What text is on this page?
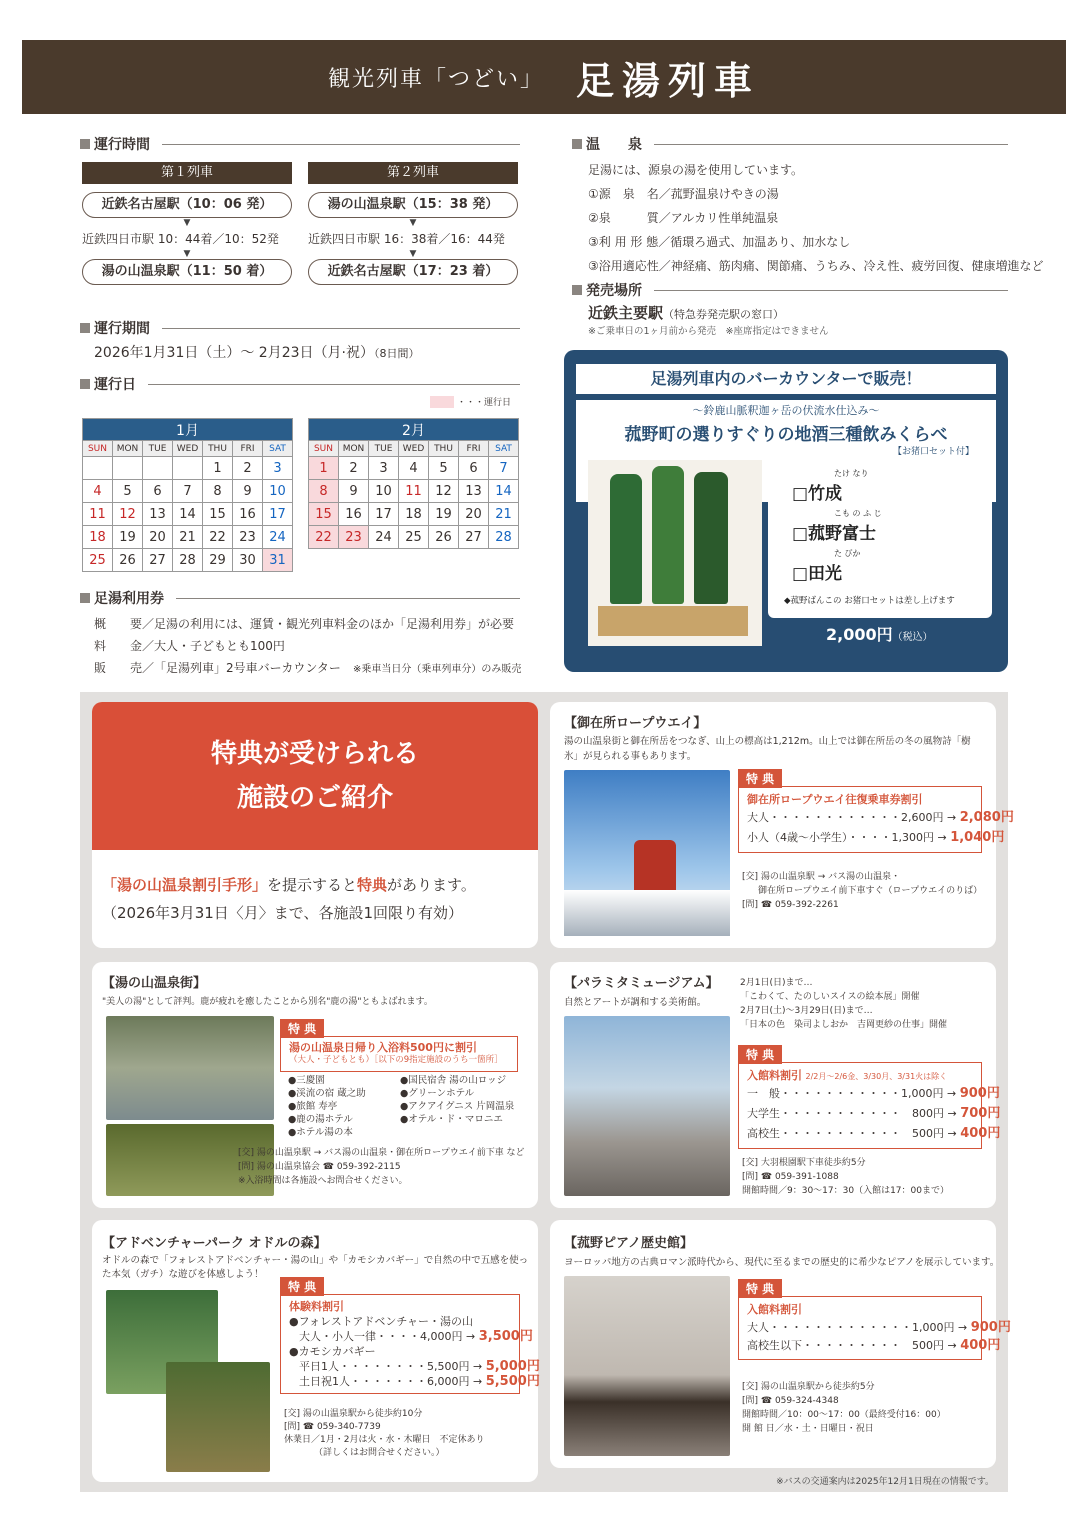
観光列車「つどい」 足湯列車
運行時間
第１列車
近鉄名古屋駅（10：06 発）
▼
近鉄四日市駅 10：44着／10：52発
▼
湯の山温泉駅（11：50 着）
第２列車
湯の山温泉駅（15：38 発）
▼
近鉄四日市駅 16：38着／16：44発
▼
近鉄名古屋駅（17：23 着）
運行期間
2026年1月31日（土）～ 2月23日（月·祝）（8日間）
運行日
・・・運行日
1月						
SUN	MON	TUE	WED	THU	FRI	SAT
				1	2	3
4	5	6	7	8	9	10
11	12	13	14	15	16	17
18	19	20	21	22	23	24
25	26	27	28	29	30	31
2月						
SUN	MON	TUE	WED	THU	FRI	SAT
1	2	3	4	5	6	7
8	9	10	11	12	13	14
15	16	17	18	19	20	21
22	23	24	25	26	27	28
足湯利用券
概　　要／足湯の利用には、運賃・観光列車料金のほか「足湯利用券」が必要
料　　金／大人・子どもとも100円
販　　売／「足湯列車」2号車バーカウンター　 ※乗車当日分（乗車列車分）のみ販売
温　　泉
足湯には、源泉の湯を使用しています。
①源　泉　名／菰野温泉けやきの湯
②泉　　　質／アルカリ性単純温泉
③利 用 形 態／循環ろ過式、加温あり、加水なし
③浴用適応性／神経痛、筋肉痛、関節痛、うちみ、冷え性、疲労回復、健康増進など
発売場所
近鉄主要駅（特急券発売駅の窓口）
※ご乗車日の1ヶ月前から発売　※座席指定はできません
足湯列車内のバーカウンターで販売！
～鈴鹿山脈釈迦ヶ岳の伏流水仕込み～
菰野町の選りすぐりの地酒三種飲みくらべ
【お猪口セット付】
たけ なり
□竹成
こも の ふ じ
□菰野富士
た びか
□田光
◆菰野ばんこの お猪口セットは差し上げます
2,000円（税込）
特典が受けられる
施設のご紹介
「湯の山温泉割引手形」を提示すると特典があります。
（2026年3月31日〈月〉まで、各施設1回限り有効）
【御在所ロープウエイ】
湯の山温泉街と御在所岳をつなぎ、山上の標高は1,212m。山上では御在所岳の冬の風物詩「樹氷」が見られる事もあります。
特 典
御在所ロープウエイ往復乗車券割引
大人・・・・・・・・・・・・2,600円 → 2,080円
小人（4歳～小学生）・・・・1,300円 → 1,040円
[交] 湯の山温泉駅 → バス湯の山温泉・
御在所ロープウエイ前下車すぐ（ロープウエイのりば）
[問] ☎ 059-392-2261
【湯の山温泉街】
"美人の湯"として評判。鹿が疲れを癒したことから別名"鹿の湯"ともよばれます。
特 典
湯の山温泉日帰り入浴料500円に割引
（大人・子どもとも）［以下の9指定施設のうち一箇所］
●三慶園
●渓流の宿 蔵之助
●旅館 寿亭
●鹿の湯ホテル
●ホテル湯の本
●国民宿舎 湯の山ロッジ
●グリーンホテル
●アクアイグニス 片岡温泉
●オテル・ド・マロニエ
[交] 湯の山温泉駅 → バス湯の山温泉・御在所ロープウエイ前下車 など
[問] 湯の山温泉協会 ☎ 059-392-2115
※入浴時間は各施設へお問合せください。
【パラミタミュージアム】
自然とアートが調和する美術館。
2月1日(日)まで…
「こわくて、たのしいスイスの絵本展」開催
2月7日(土)～3月29日(日)まで…
「日本の色　染司よしおか　吉岡更紗の仕事」開催
特 典
入館料割引 2/2月～2/6金、3/30月、3/31火は除く
一　般・・・・・・・・・・・1,000円 → 900円
大学生・・・・・・・・・・・　800円 → 700円
高校生・・・・・・・・・・・　500円 → 400円
[交] 大羽根園駅下車徒歩約5分
[問] ☎ 059-391-1088
開館時間／9：30～17：30（入館は17：00まで）
【アドベンチャーパーク オドルの森】
オドルの森で「フォレストアドベンチャー・湯の山」や「カモシカバギー」で自然の中で五感を使った本気（ガチ）な遊びを体感しよう！
特 典
体験料割引
●フォレストアドベンチャー・湯の山
大人・小人一律・・・・4,000円 → 3,500円
●カモシカバギー
平日1人・・・・・・・・5,500円 → 5,000円
土日祝1人・・・・・・・6,000円 → 5,500円
[交] 湯の山温泉駅から徒歩約10分
[問] ☎ 059-340-7739
休業日／1月・2月は火・水・木曜日　不定休あり
（詳しくはお問合せください。）
【菰野ピアノ歴史館】
ヨーロッパ地方の古典ロマン派時代から、現代に至るまでの歴史的に希少なピアノを展示しています。
特 典
入館料割引
大人・・・・・・・・・・・・・1,000円 → 900円
高校生以下・・・・・・・・・　500円 → 400円
[交] 湯の山温泉駅から徒歩約5分
[問] ☎ 059-324-4348
開館時間／10：00～17：00（最終受付16：00）
開 館 日／水・土・日曜日・祝日
※バスの交通案内は2025年12月1日現在の情報です。
